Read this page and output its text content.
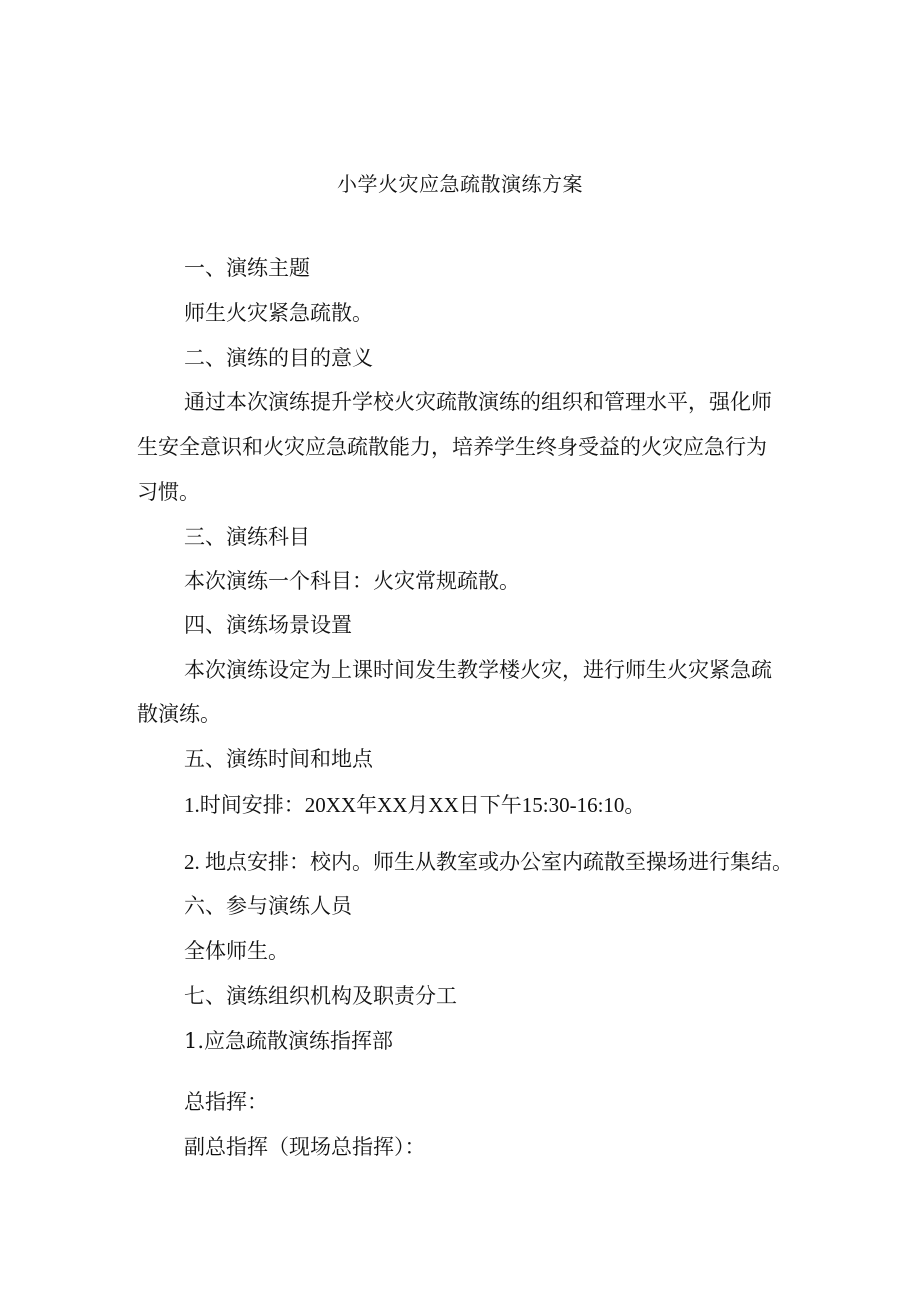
小学火灾应急疏散演练方案
一、演练主题
师生火灾紧急疏散。
二、演练的目的意义
通过本次演练提升学校火灾疏散演练的组织和管理水平，强化师
生安全意识和火灾应急疏散能力，培养学生终身受益的火灾应急行为
习惯。
三、演练科目
本次演练一个科目：火灾常规疏散。
四、演练场景设置
本次演练设定为上课时间发生教学楼火灾，进行师生火灾紧急疏
散演练。
五、演练时间和地点
1.时间安排：20XX年XX月XX日下午15:30-16:10。
2. 地点安排：校内。师生从教室或办公室内疏散至操场进行集结。
六、参与演练人员
全体师生。
七、演练组织机构及职责分工
1.应急疏散演练指挥部
总指挥：
副总指挥（现场总指挥）：
